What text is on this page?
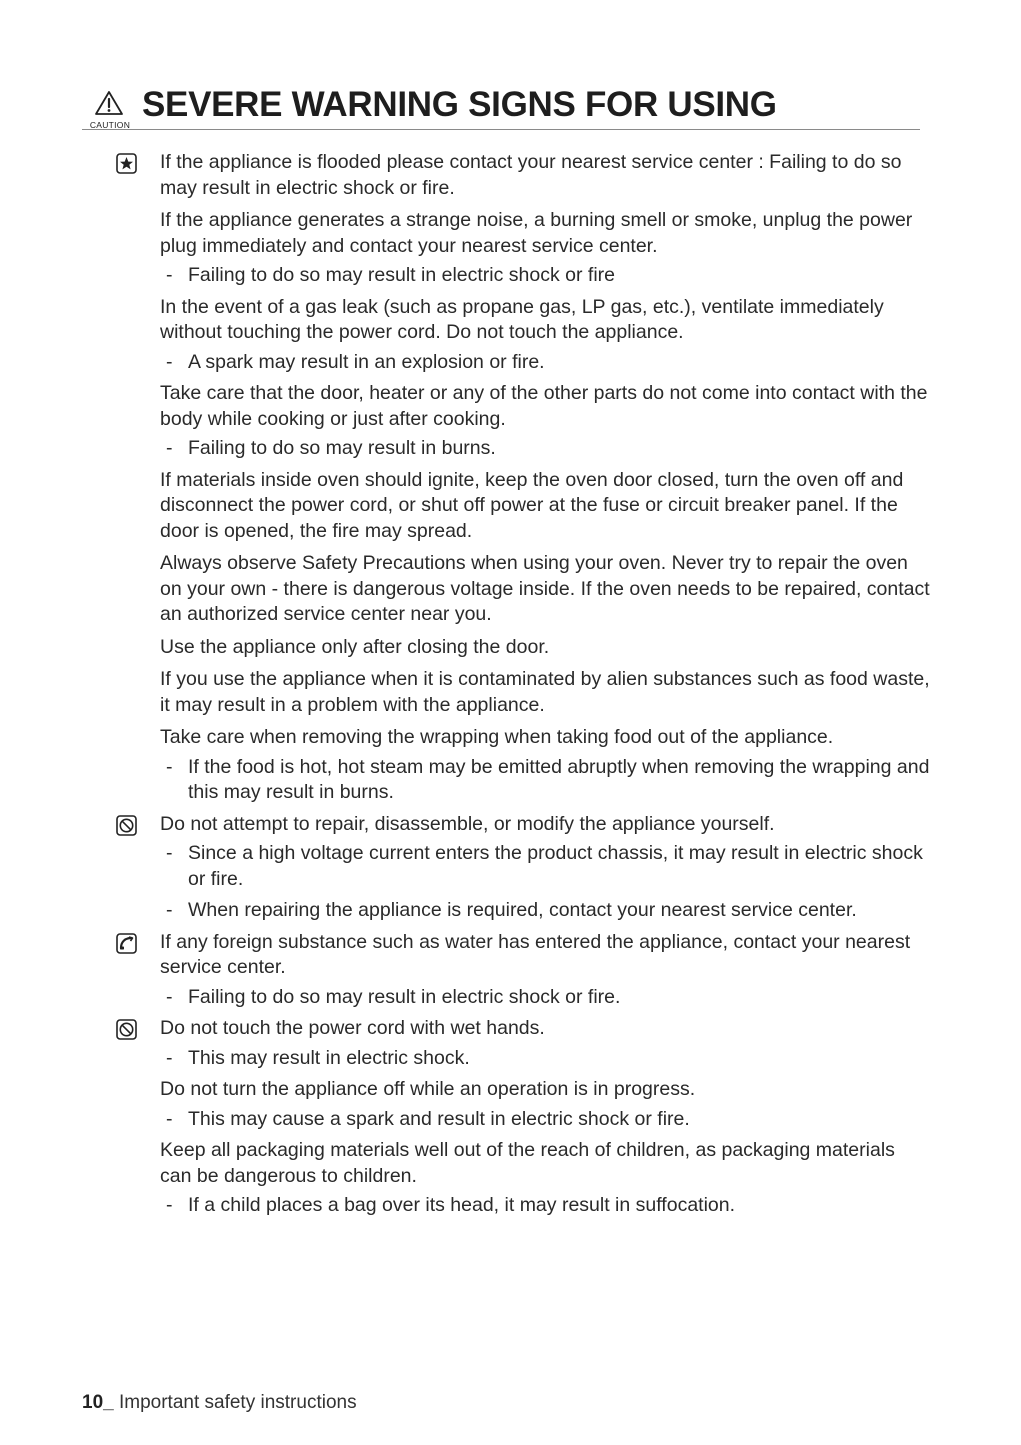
CAUTION
SEVERE WARNING SIGNS FOR USING
If the appliance is flooded please contact your nearest service center : Failing to do so may result in electric shock or fire.
If the appliance generates a strange noise, a burning smell or smoke, unplug the power plug immediately and contact your nearest service center.
- Failing to do so may result in electric shock or fire
In the event of a gas leak (such as propane gas, LP gas, etc.), ventilate immediately without touching the power cord. Do not touch the appliance.
- A spark may result in an explosion or fire.
Take care that the door, heater or any of the other parts do not come into contact with the body while cooking or just after cooking.
- Failing to do so may result in burns.
If materials inside oven should ignite, keep the oven door closed, turn the oven off and disconnect the power cord, or shut off power at the fuse or circuit breaker panel. If the door is opened, the fire may spread.
Always observe Safety Precautions when using your oven. Never try to repair the oven on your own - there is dangerous voltage inside. If the oven needs to be repaired, contact an authorized service center near you.
Use the appliance only after closing the door.
If you use the appliance when it is contaminated by alien substances such as food waste, it may result in a problem with the appliance.
Take care when removing the wrapping when taking food out of the appliance.
- If the food is hot, hot steam may be emitted abruptly when removing the wrapping and this may result in burns.
Do not attempt to repair, disassemble, or modify the appliance yourself.
- Since a high voltage current enters the product chassis, it may result in electric shock or fire.
- When repairing the appliance is required, contact your nearest service center.
If any foreign substance such as water has entered the appliance, contact your nearest service center.
- Failing to do so may result in electric shock or fire.
Do not touch the power cord with wet hands.
- This may result in electric shock.
Do not turn the appliance off while an operation is in progress.
- This may cause a spark and result in electric shock or fire.
Keep all packaging materials well out of the reach of children, as packaging materials can be dangerous to children.
- If a child places a bag over its head, it may result in suffocation.
10_ Important safety instructions
